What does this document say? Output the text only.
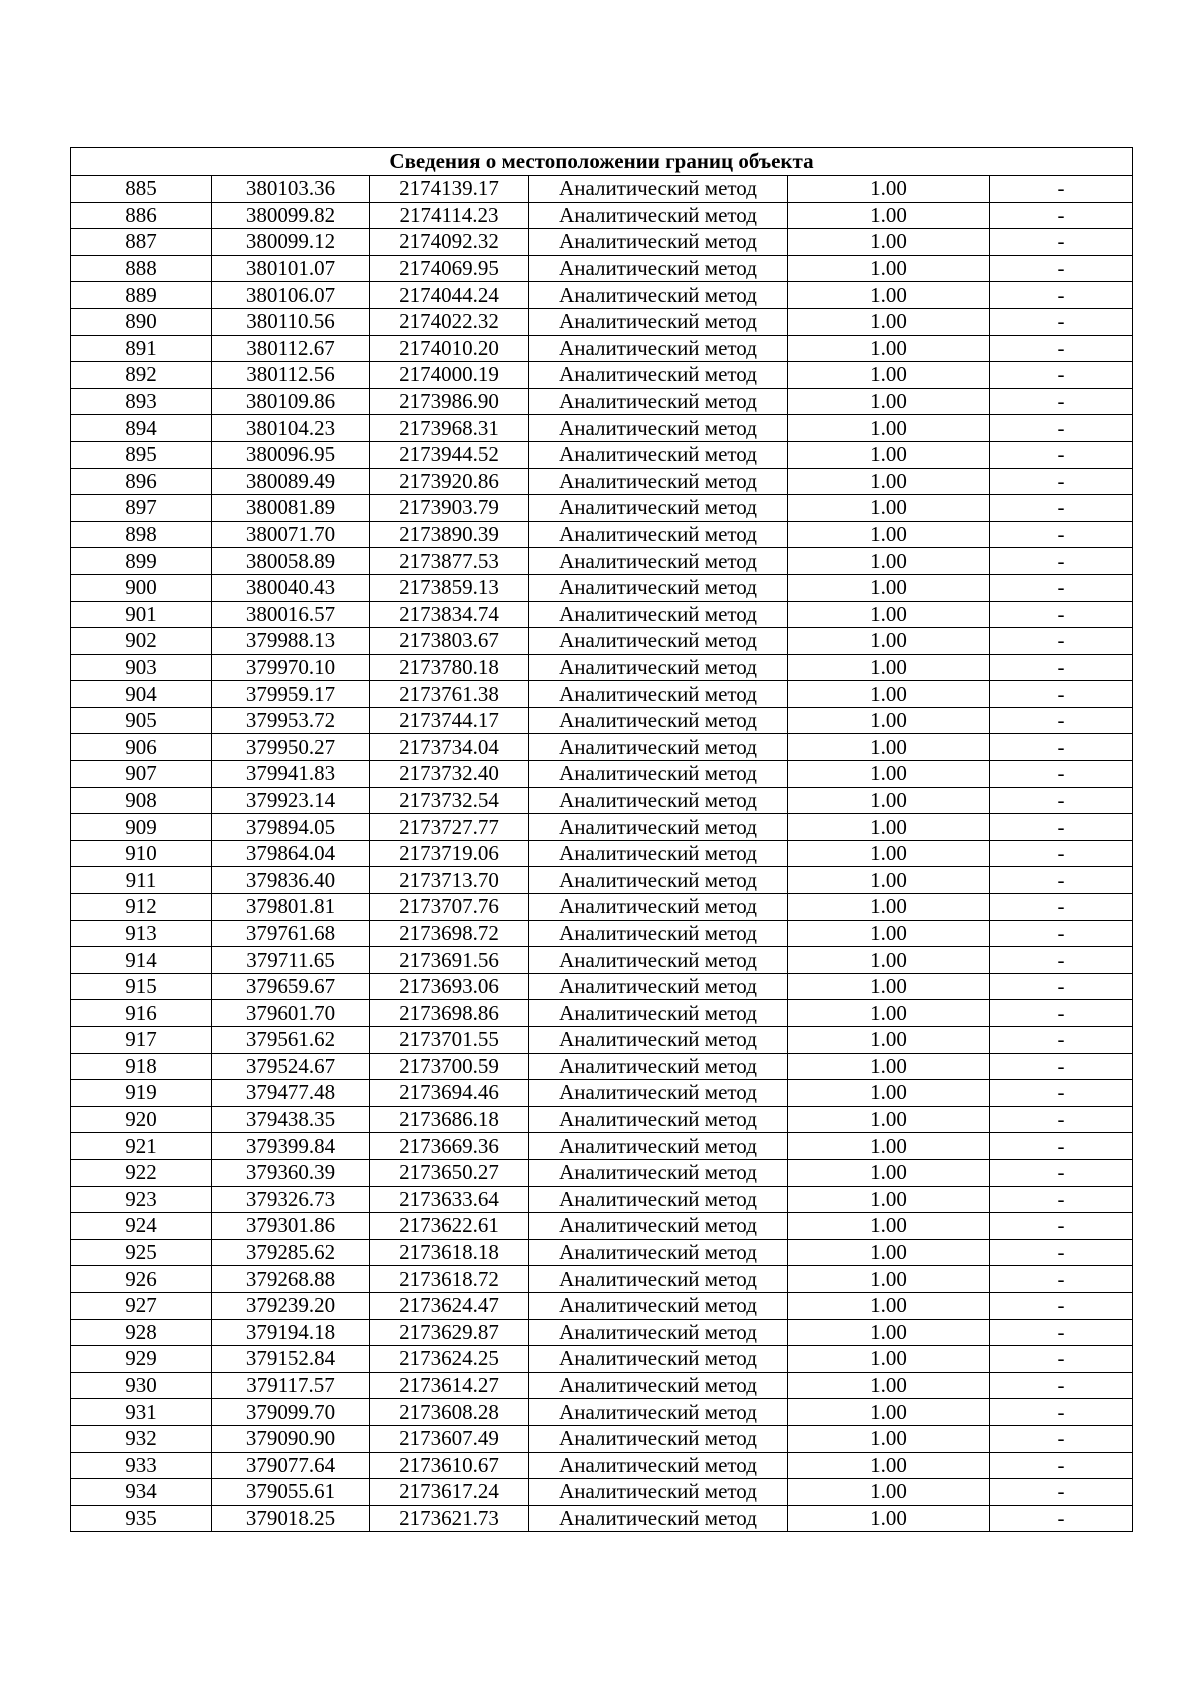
Сведения о местоположении границ объекта					
885	380103.36	2174139.17	Аналитический метод	1.00	-
886	380099.82	2174114.23	Аналитический метод	1.00	-
887	380099.12	2174092.32	Аналитический метод	1.00	-
888	380101.07	2174069.95	Аналитический метод	1.00	-
889	380106.07	2174044.24	Аналитический метод	1.00	-
890	380110.56	2174022.32	Аналитический метод	1.00	-
891	380112.67	2174010.20	Аналитический метод	1.00	-
892	380112.56	2174000.19	Аналитический метод	1.00	-
893	380109.86	2173986.90	Аналитический метод	1.00	-
894	380104.23	2173968.31	Аналитический метод	1.00	-
895	380096.95	2173944.52	Аналитический метод	1.00	-
896	380089.49	2173920.86	Аналитический метод	1.00	-
897	380081.89	2173903.79	Аналитический метод	1.00	-
898	380071.70	2173890.39	Аналитический метод	1.00	-
899	380058.89	2173877.53	Аналитический метод	1.00	-
900	380040.43	2173859.13	Аналитический метод	1.00	-
901	380016.57	2173834.74	Аналитический метод	1.00	-
902	379988.13	2173803.67	Аналитический метод	1.00	-
903	379970.10	2173780.18	Аналитический метод	1.00	-
904	379959.17	2173761.38	Аналитический метод	1.00	-
905	379953.72	2173744.17	Аналитический метод	1.00	-
906	379950.27	2173734.04	Аналитический метод	1.00	-
907	379941.83	2173732.40	Аналитический метод	1.00	-
908	379923.14	2173732.54	Аналитический метод	1.00	-
909	379894.05	2173727.77	Аналитический метод	1.00	-
910	379864.04	2173719.06	Аналитический метод	1.00	-
911	379836.40	2173713.70	Аналитический метод	1.00	-
912	379801.81	2173707.76	Аналитический метод	1.00	-
913	379761.68	2173698.72	Аналитический метод	1.00	-
914	379711.65	2173691.56	Аналитический метод	1.00	-
915	379659.67	2173693.06	Аналитический метод	1.00	-
916	379601.70	2173698.86	Аналитический метод	1.00	-
917	379561.62	2173701.55	Аналитический метод	1.00	-
918	379524.67	2173700.59	Аналитический метод	1.00	-
919	379477.48	2173694.46	Аналитический метод	1.00	-
920	379438.35	2173686.18	Аналитический метод	1.00	-
921	379399.84	2173669.36	Аналитический метод	1.00	-
922	379360.39	2173650.27	Аналитический метод	1.00	-
923	379326.73	2173633.64	Аналитический метод	1.00	-
924	379301.86	2173622.61	Аналитический метод	1.00	-
925	379285.62	2173618.18	Аналитический метод	1.00	-
926	379268.88	2173618.72	Аналитический метод	1.00	-
927	379239.20	2173624.47	Аналитический метод	1.00	-
928	379194.18	2173629.87	Аналитический метод	1.00	-
929	379152.84	2173624.25	Аналитический метод	1.00	-
930	379117.57	2173614.27	Аналитический метод	1.00	-
931	379099.70	2173608.28	Аналитический метод	1.00	-
932	379090.90	2173607.49	Аналитический метод	1.00	-
933	379077.64	2173610.67	Аналитический метод	1.00	-
934	379055.61	2173617.24	Аналитический метод	1.00	-
935	379018.25	2173621.73	Аналитический метод	1.00	-
